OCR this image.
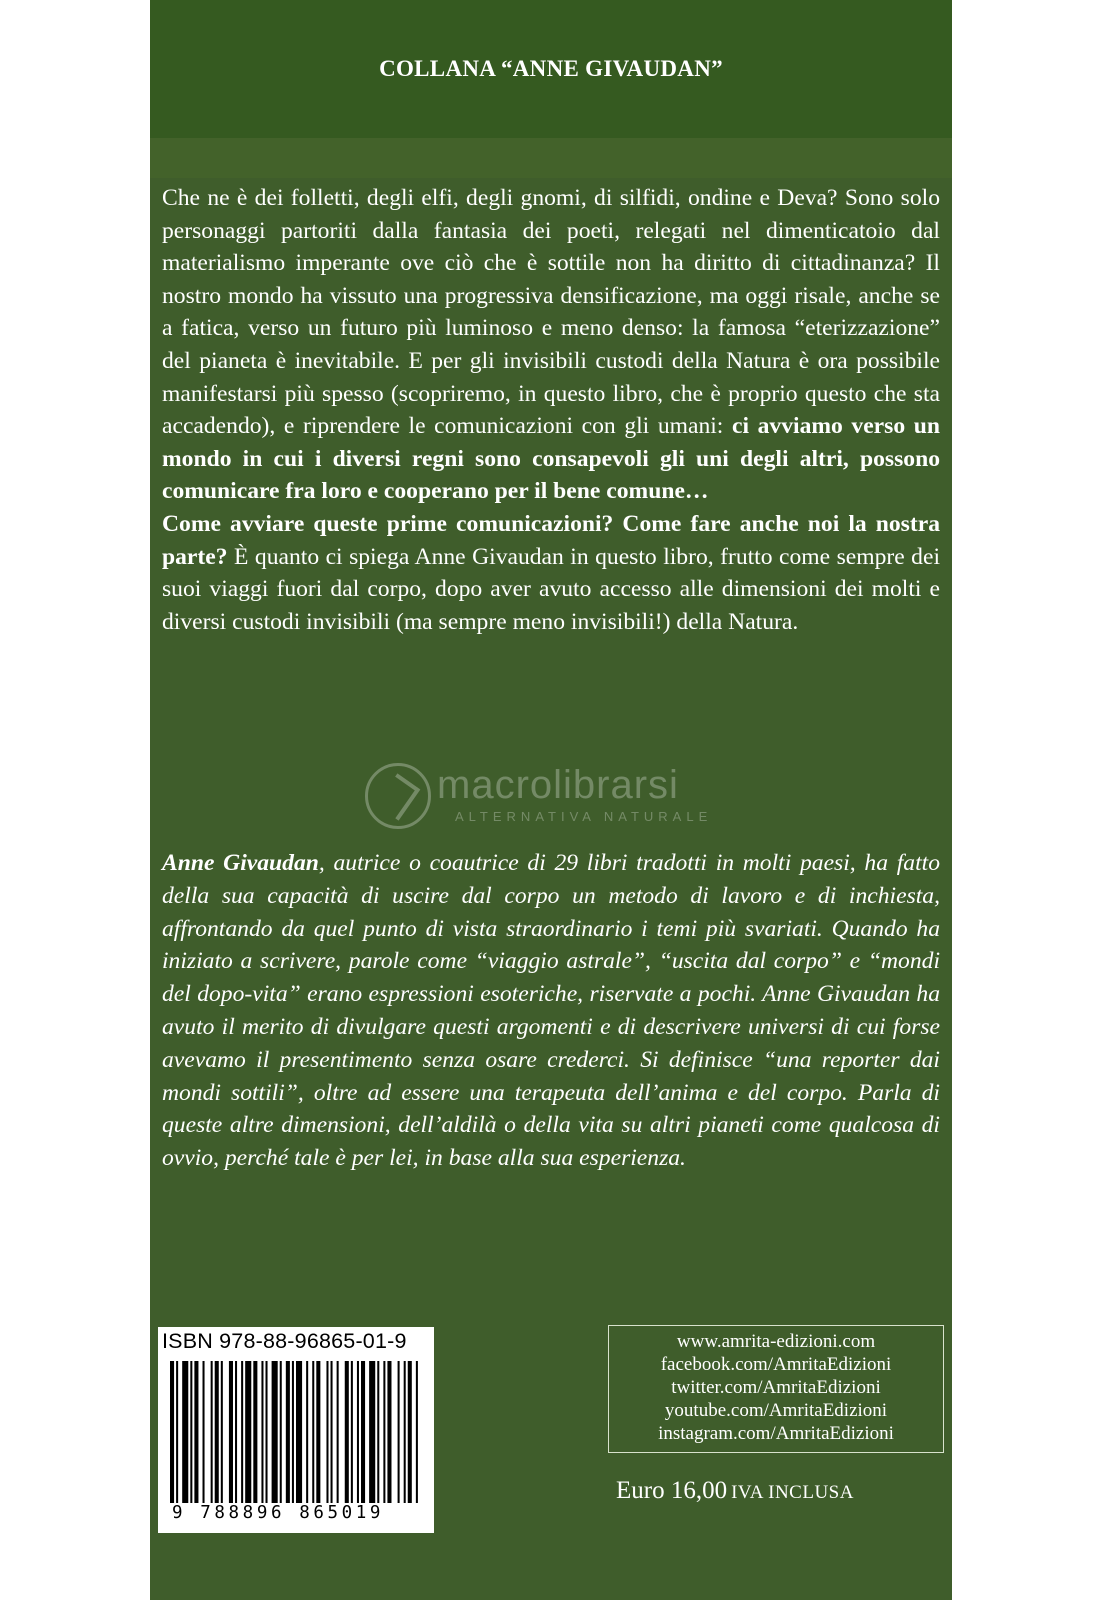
COLLANA “ANNE GIVAUDAN”

Che ne è dei folletti, degli elfi, degli gnomi, di silfidi, ondine e Deva? Sono solo personaggi partoriti dalla fantasia dei poeti, relegati nel dimenticatoio dal materialismo imperante ove ciò che è sottile non ha diritto di cittadinanza? Il nostro mondo ha vissuto una progressiva densificazione, ma oggi risale, anche se a fatica, verso un futuro più luminoso e meno denso: la famosa “eterizzazione” del pianeta è inevitabile. E per gli invisibili custodi della Natura è ora possibile manifestarsi più spesso (scopriremo, in questo libro, che è proprio questo che sta accadendo), e riprendere le comunicazioni con gli umani: ci avviamo verso un mondo in cui i diversi regni sono consapevoli gli uni degli altri, possono comunicare fra loro e cooperano per il bene comune…

Come avviare queste prime comunicazioni? Come fare anche noi la nostra parte? È quanto ci spiega Anne Givaudan in questo libro, frutto come sempre dei suoi viaggi fuori dal corpo, dopo aver avuto accesso alle dimensioni dei molti e diversi custodi invisibili (ma sempre meno invisibili!) della Natura.

macrolibrarsi
ALTERNATIVA NATURALE

Anne Givaudan, autrice o coautrice di 29 libri tradotti in molti paesi, ha fatto della sua capacità di uscire dal corpo un metodo di lavoro e di inchiesta, affrontando da quel punto di vista straordinario i temi più svariati. Quando ha iniziato a scrivere, parole come “viaggio astrale”, “uscita dal corpo” e “mondi del dopo-vita” erano espressioni esoteriche, riservate a pochi. Anne Givaudan ha avuto il merito di divulgare questi argomenti e di descrivere universi di cui forse avevamo il presentimento senza osare crederci. Si definisce “una reporter dai mondi sottili”, oltre ad essere una terapeuta dell’anima e del corpo. Parla di queste altre dimensioni, dell’aldilà o della vita su altri pianeti come qualcosa di ovvio, perché tale è per lei, in base alla sua esperienza.

ISBN 978-88-96865-01-9
9 788896 865019
www.amrita-edizioni.com
facebook.com/AmritaEdizioni
twitter.com/AmritaEdizioni
youtube.com/AmritaEdizioni
instagram.com/AmritaEdizioni
Euro 16,00 IVA INCLUSA
